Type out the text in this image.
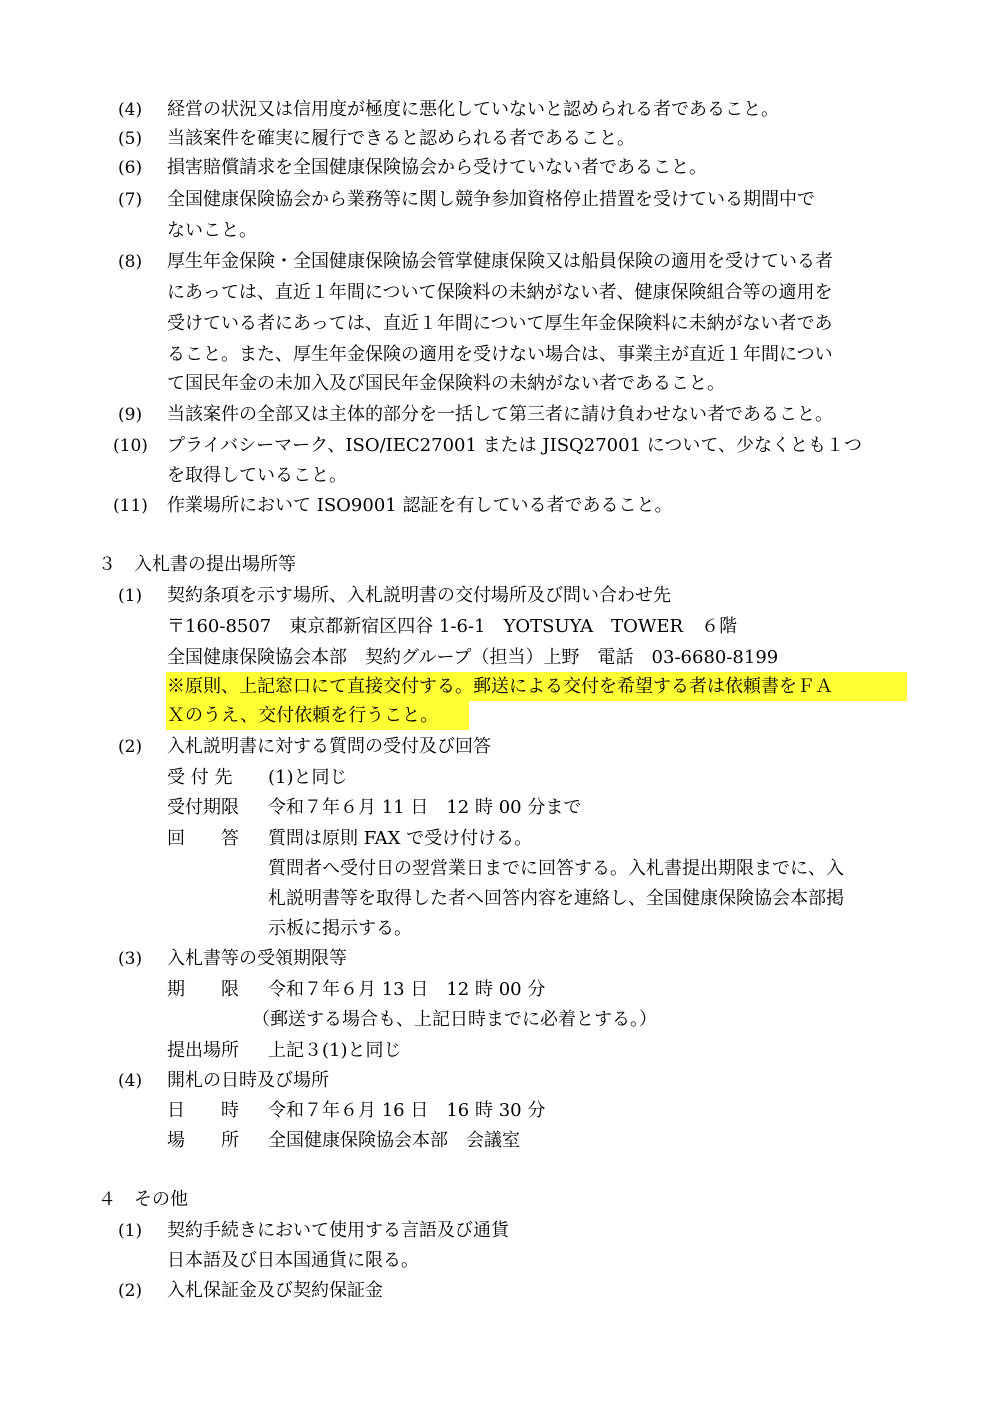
(4) 経営の状況又は信用度が極度に悪化していないと認められる者であること。
(5) 当該案件を確実に履行できると認められる者であること。
(6) 損害賠償請求を全国健康保険協会から受けていない者であること。
(7) 全国健康保険協会から業務等に関し競争参加資格停止措置を受けている期間中で
ないこと。
(8) 厚生年金保険・全国健康保険協会管掌健康保険又は船員保険の適用を受けている者
にあっては、直近１年間について保険料の未納がない者、健康保険組合等の適用を
受けている者にあっては、直近１年間について厚生年金保険料に未納がない者であ
ること。また、厚生年金保険の適用を受けない場合は、事業主が直近１年間につい
て国民年金の未加入及び国民年金保険料の未納がない者であること。
(9) 当該案件の全部又は主体的部分を一括して第三者に請け負わせない者であること。
(10) プライバシーマーク、ISO/IEC27001 または JISQ27001 について、少なくとも１つ
を取得していること。
(11) 作業場所において ISO9001 認証を有している者であること。
３　入札書の提出場所等
(1) 契約条項を示す場所、入札説明書の交付場所及び問い合わせ先
〒160-8507　東京都新宿区四谷 1-6-1　YOTSUYA　TOWER　６階
全国健康保険協会本部　契約グループ（担当）上野　電話　03-6680-8199
※原則、上記窓口にて直接交付する。郵送による交付を希望する者は依頼書をＦＡ
Ｘのうえ、交付依頼を行うこと。
(2) 入札説明書に対する質問の受付及び回答
受 付 先 (1)と同じ
受付期限 令和７年６月 11 日　12 時 00 分まで
回　　答 質問は原則 FAX で受け付ける。
質問者へ受付日の翌営業日までに回答する。入札書提出期限までに、入
札説明書等を取得した者へ回答内容を連絡し、全国健康保険協会本部掲
示板に掲示する。
(3) 入札書等の受領期限等
期　　限 令和７年６月 13 日　12 時 00 分
（郵送する場合も、上記日時までに必着とする。）
提出場所 上記３(1)と同じ
(4) 開札の日時及び場所
日　　時 令和７年６月 16 日　16 時 30 分
場　　所 全国健康保険協会本部　会議室
４　その他
(1) 契約手続きにおいて使用する言語及び通貨
日本語及び日本国通貨に限る。
(2) 入札保証金及び契約保証金
